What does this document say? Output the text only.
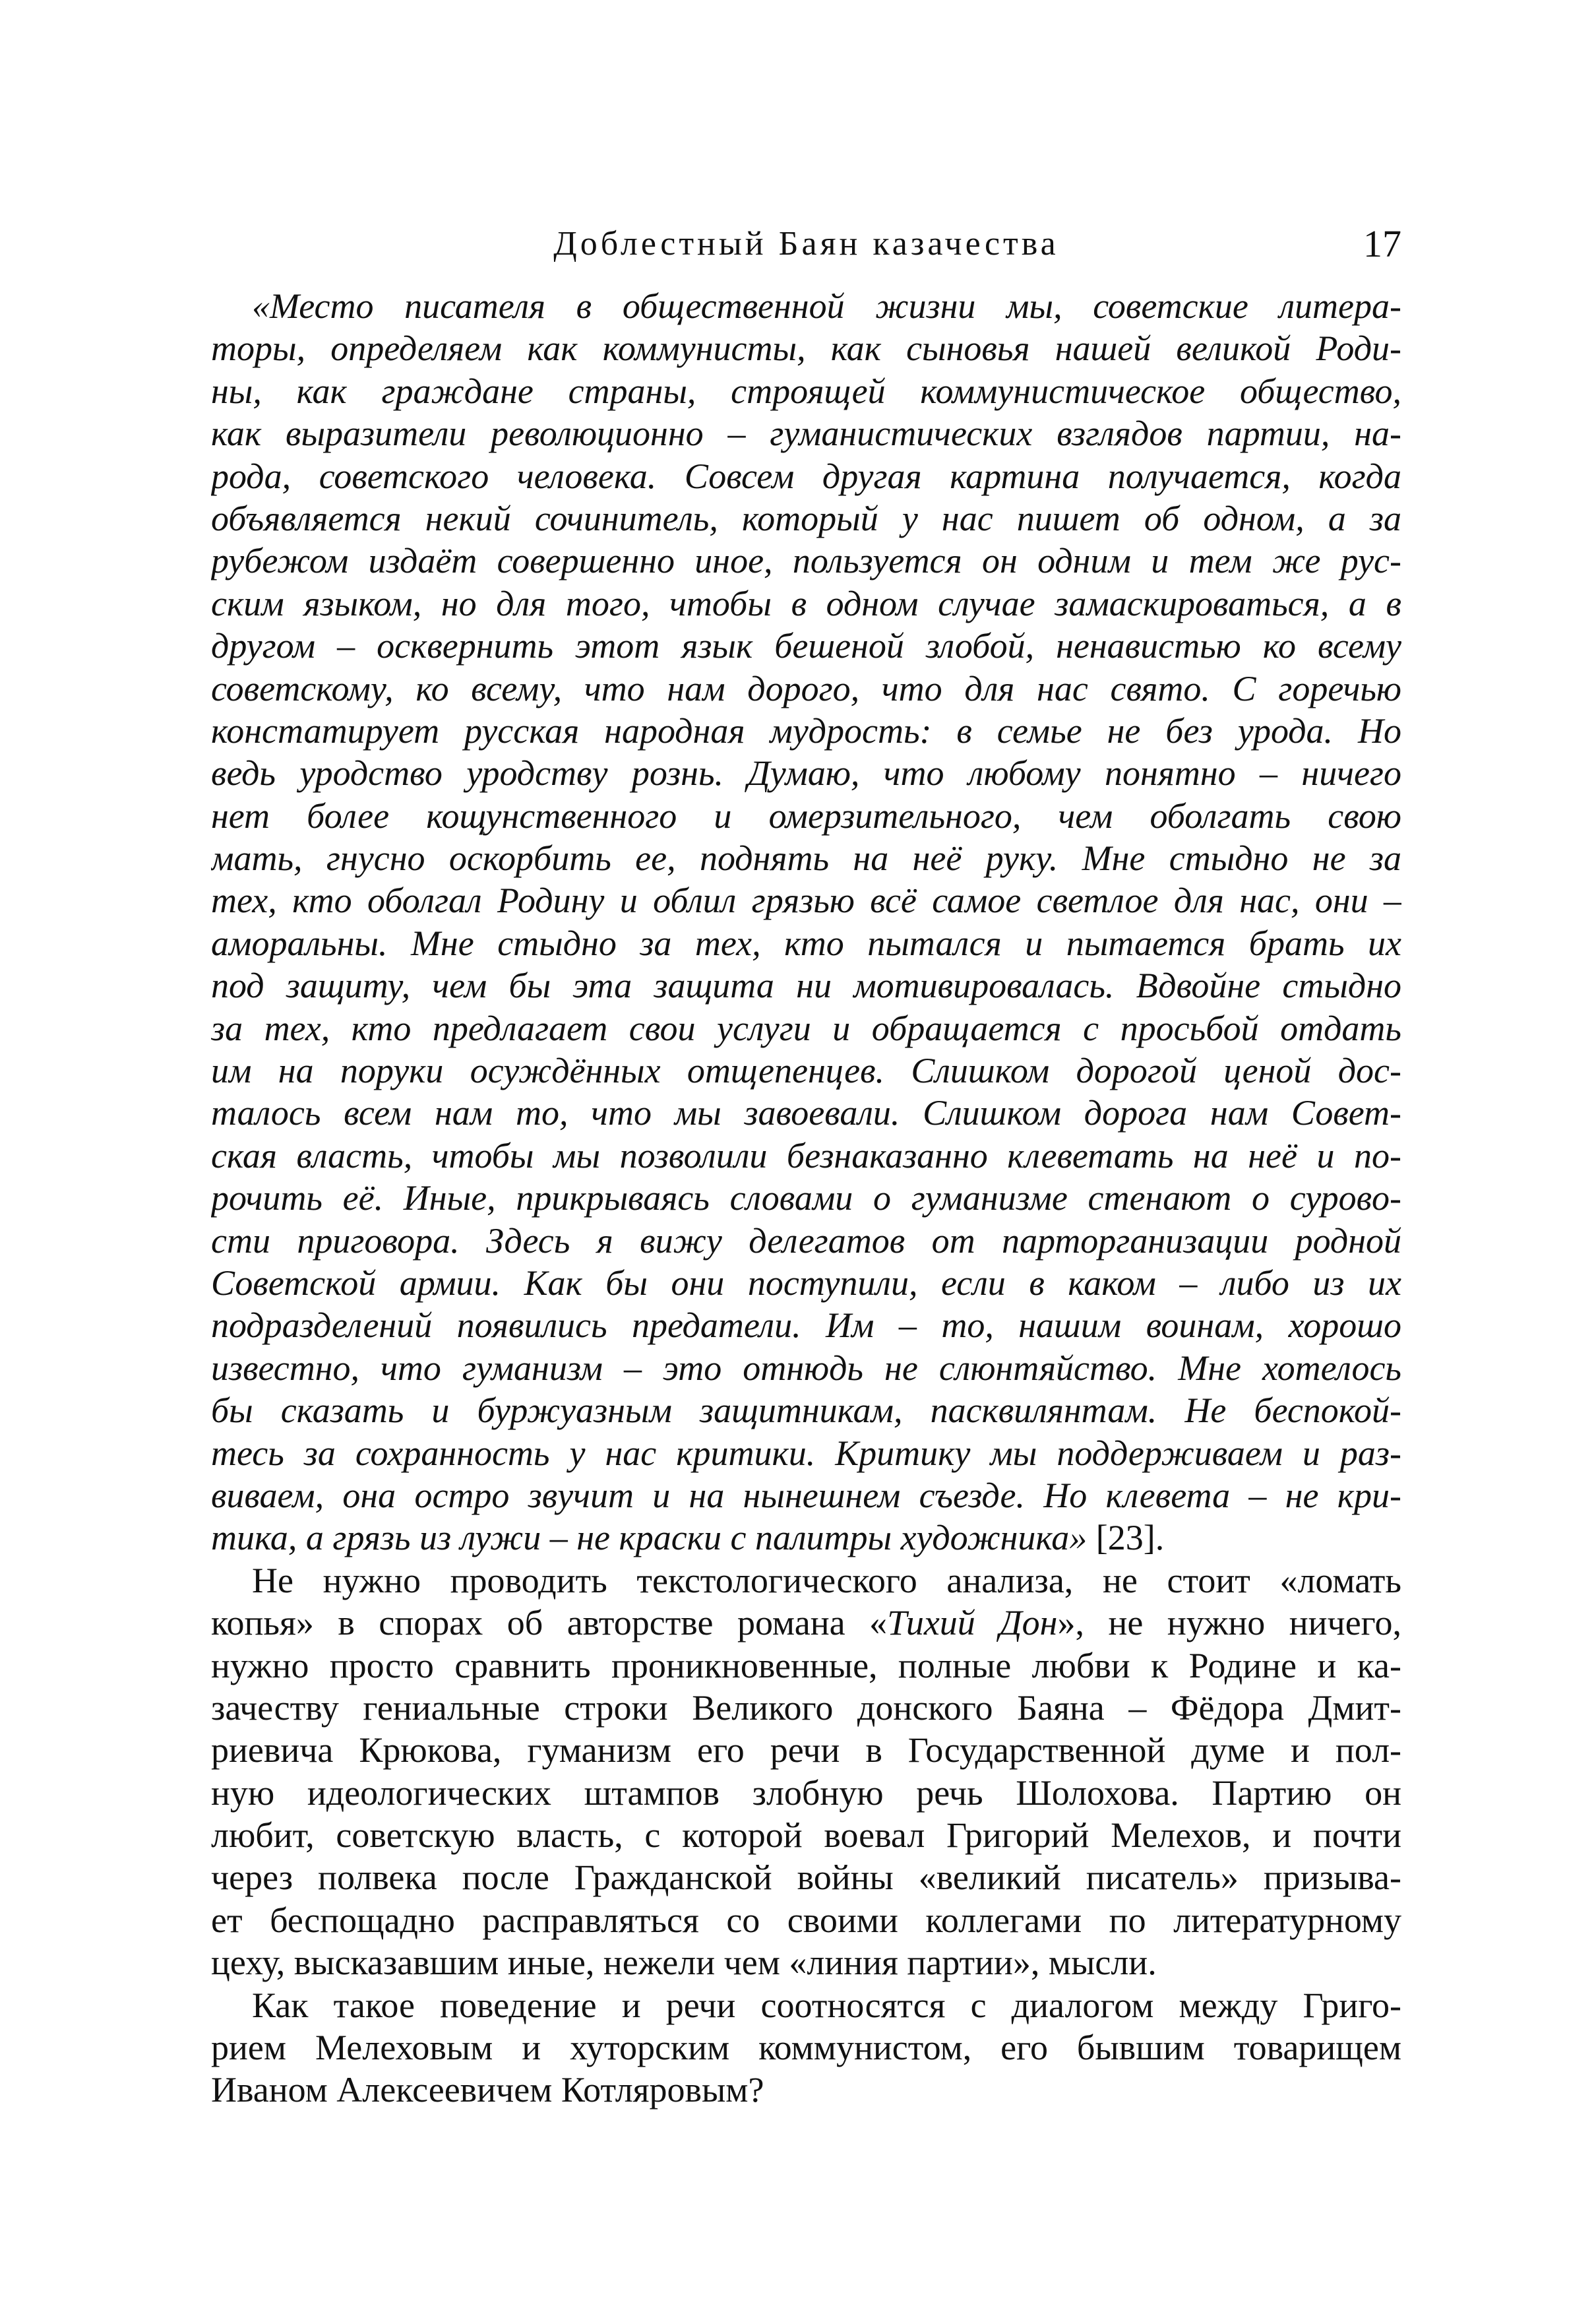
Доблестный Баян казачества	17
«Место писателя в общественной жизни мы, советские литера-
торы, определяем как коммунисты, как сыновья нашей великой Роди-
ны, как граждане страны, строящей коммунистическое общество,
как выразители революционно – гуманистических взглядов партии, на-
рода, советского человека. Совсем другая картина получается, когда
объявляется некий сочинитель, который у нас пишет об одном, а за
рубежом издаёт совершенно иное, пользуется он одним и тем же рус-
ским языком, но для того, чтобы в одном случае замаскироваться, а в
другом – осквернить этот язык бешеной злобой, ненавистью ко всему
советскому, ко всему, что нам дорого, что для нас свято. С горечью
констатирует русская народная мудрость: в семье не без урода. Но
ведь уродство уродству рознь. Думаю, что любому понятно – ничего
нет более кощунственного и омерзительного, чем оболгать свою
мать, гнусно оскорбить ее, поднять на неё руку. Мне стыдно не за
тех, кто оболгал Родину и облил грязью всё самое светлое для нас, они –
аморальны. Мне стыдно за тех, кто пытался и пытается брать их
под защиту, чем бы эта защита ни мотивировалась. Вдвойне стыдно
за тех, кто предлагает свои услуги и обращается с просьбой отдать
им на поруки осуждённых отщепенцев. Слишком дорогой ценой дос-
талось всем нам то, что мы завоевали. Слишком дорога нам Совет-
ская власть, чтобы мы позволили безнаказанно клеветать на неё и по-
рочить её. Иные, прикрываясь словами о гуманизме стенают о суровo-
сти приговора. Здесь я вижу делегатов от парторганизации родной
Советской армии. Как бы они поступили, если в каком – либо из их
подразделений появились предатели. Им – то, нашим воинам, хорошо
известно, что гуманизм – это отнюдь не слюнтяйство. Мне хотелось
бы сказать и буржуазным защитникам, пасквилянтам. Не беспокой-
тесь за сохранность у нас критики. Критику мы поддерживаем и раз-
виваем, она остро звучит и на нынешнем съезде. Но клевета – не кри-
тика, а грязь из лужи – не краски с палитры художника» [23].
Не нужно проводить текстологического анализа, не стоит «ломать
копья» в спорах об авторстве романа «Тихий Дон», не нужно ничего,
нужно просто сравнить проникновенные, полные любви к Родине и ка-
зачеству гениальные строки Великого донского Баяна – Фёдора Дмит-
риевича Крюкова, гуманизм его речи в Государственной думе и пол-
ную идеологических штампов злобную речь Шолохова. Партию он
любит, советскую власть, с которой воевал Григорий Мелехов, и почти
через полвека после Гражданской войны «великий писатель» призыва-
ет беспощадно расправляться со своими коллегами по литературному
цеху, высказавшим иные, нежели чем «линия партии», мысли.
Как такое поведение и речи соотносятся с диалогом между Григо-
рием Мелеховым и хуторским коммунистом, его бывшим товарищем
Иваном Алексеевичем Котляровым?
